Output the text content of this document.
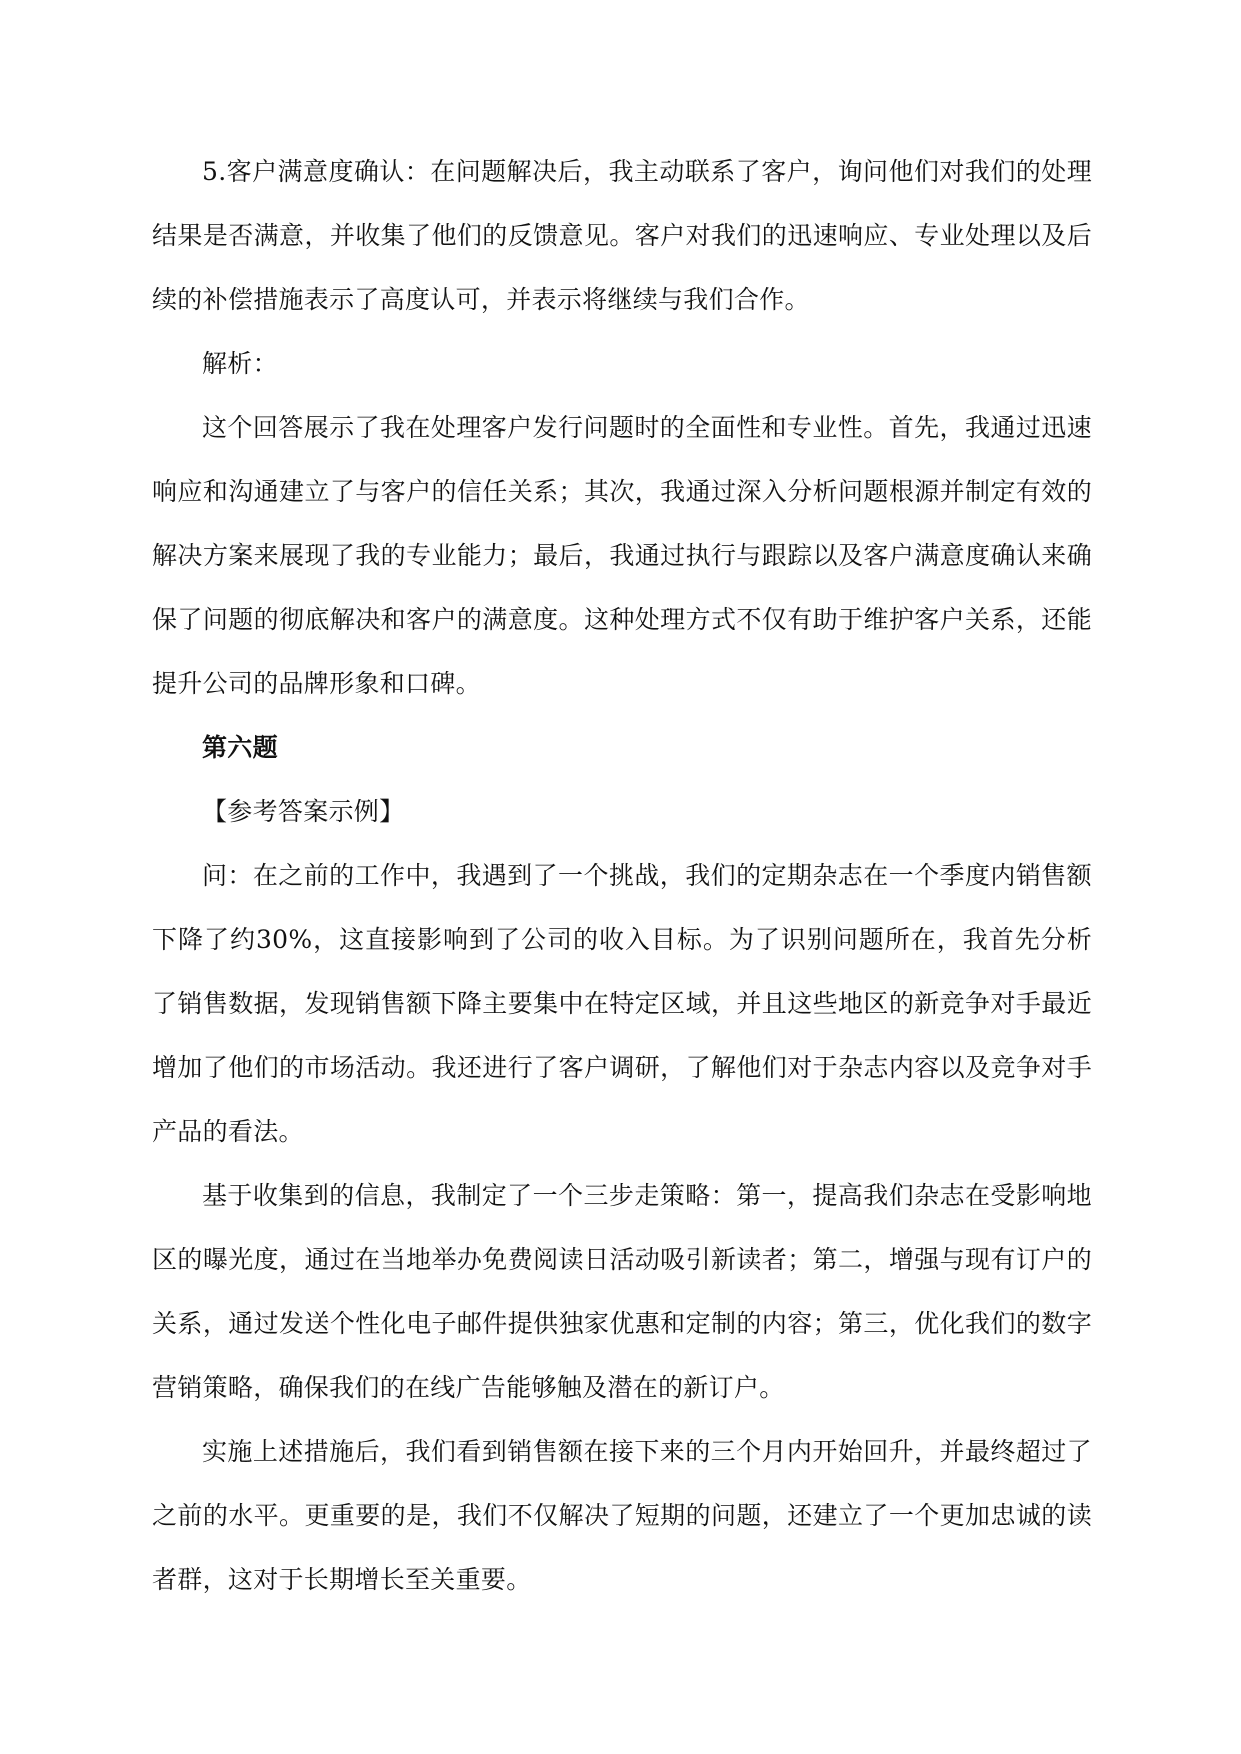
5.客户满意度确认：在问题解决后，我主动联系了客户，询问他们对我们的处理结果是否满意，并收集了他们的反馈意见。客户对我们的迅速响应、专业处理以及后续的补偿措施表示了高度认可，并表示将继续与我们合作。

解析：

这个回答展示了我在处理客户发行问题时的全面性和专业性。首先，我通过迅速响应和沟通建立了与客户的信任关系；其次，我通过深入分析问题根源并制定有效的解决方案来展现了我的专业能力；最后，我通过执行与跟踪以及客户满意度确认来确保了问题的彻底解决和客户的满意度。这种处理方式不仅有助于维护客户关系，还能提升公司的品牌形象和口碑。

第六题

【参考答案示例】

问：在之前的工作中，我遇到了一个挑战，我们的定期杂志在一个季度内销售额下降了约30%，这直接影响到了公司的收入目标。为了识别问题所在，我首先分析了销售数据，发现销售额下降主要集中在特定区域，并且这些地区的新竞争对手最近增加了他们的市场活动。我还进行了客户调研，了解他们对于杂志内容以及竞争对手产品的看法。

基于收集到的信息，我制定了一个三步走策略：第一，提高我们杂志在受影响地区的曝光度，通过在当地举办免费阅读日活动吸引新读者；第二，增强与现有订户的关系，通过发送个性化电子邮件提供独家优惠和定制的内容；第三，优化我们的数字营销策略，确保我们的在线广告能够触及潜在的新订户。

实施上述措施后，我们看到销售额在接下来的三个月内开始回升，并最终超过了之前的水平。更重要的是，我们不仅解决了短期的问题，还建立了一个更加忠诚的读者群，这对于长期增长至关重要。
